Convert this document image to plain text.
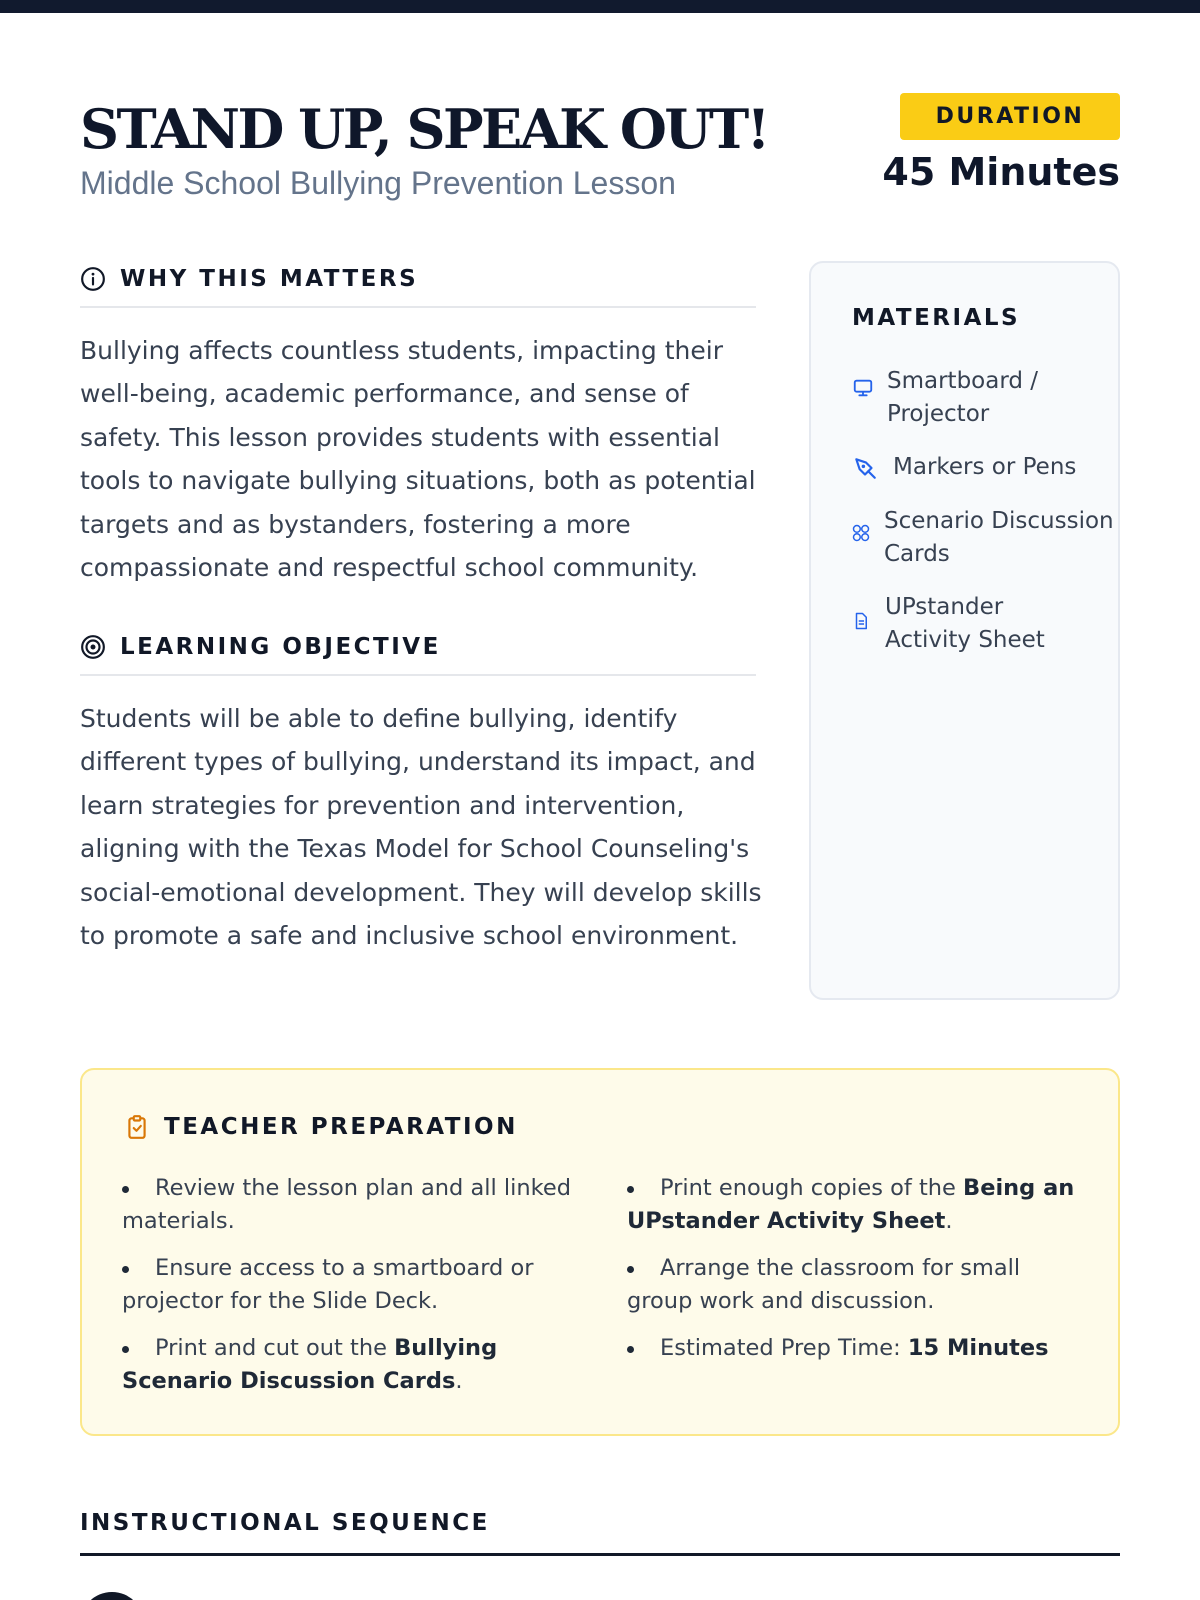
STAND UP, SPEAK OUT!
Middle School Bullying Prevention Lesson
DURATION
45 Minutes
WHY THIS MATTERS

Bullying affects countless students, impacting their well-being, academic performance, and sense of safety. This lesson provides students with essential tools to navigate bullying situations, both as potential targets and as bystanders, fostering a more compassionate and respectful school community.

LEARNING OBJECTIVE

Students will be able to define bullying, identify different types of bullying, understand its impact, and learn strategies for prevention and intervention, aligning with the Texas Model for School Counseling's social-emotional development. They will develop skills to promote a safe and inclusive school environment.

MATERIALS
Smartboard / Projector
Markers or Pens
Scenario Discussion Cards
UPstander Activity Sheet
TEACHER PREPARATION
Review the lesson plan and all linked materials.
Ensure access to a smartboard or projector for the Slide Deck.
Print and cut out the Bullying Scenario Discussion Cards.
Print enough copies of the Being an UPstander Activity Sheet.
Arrange the classroom for small group work and discussion.
Estimated Prep Time: 15 Minutes
INSTRUCTIONAL SEQUENCE
